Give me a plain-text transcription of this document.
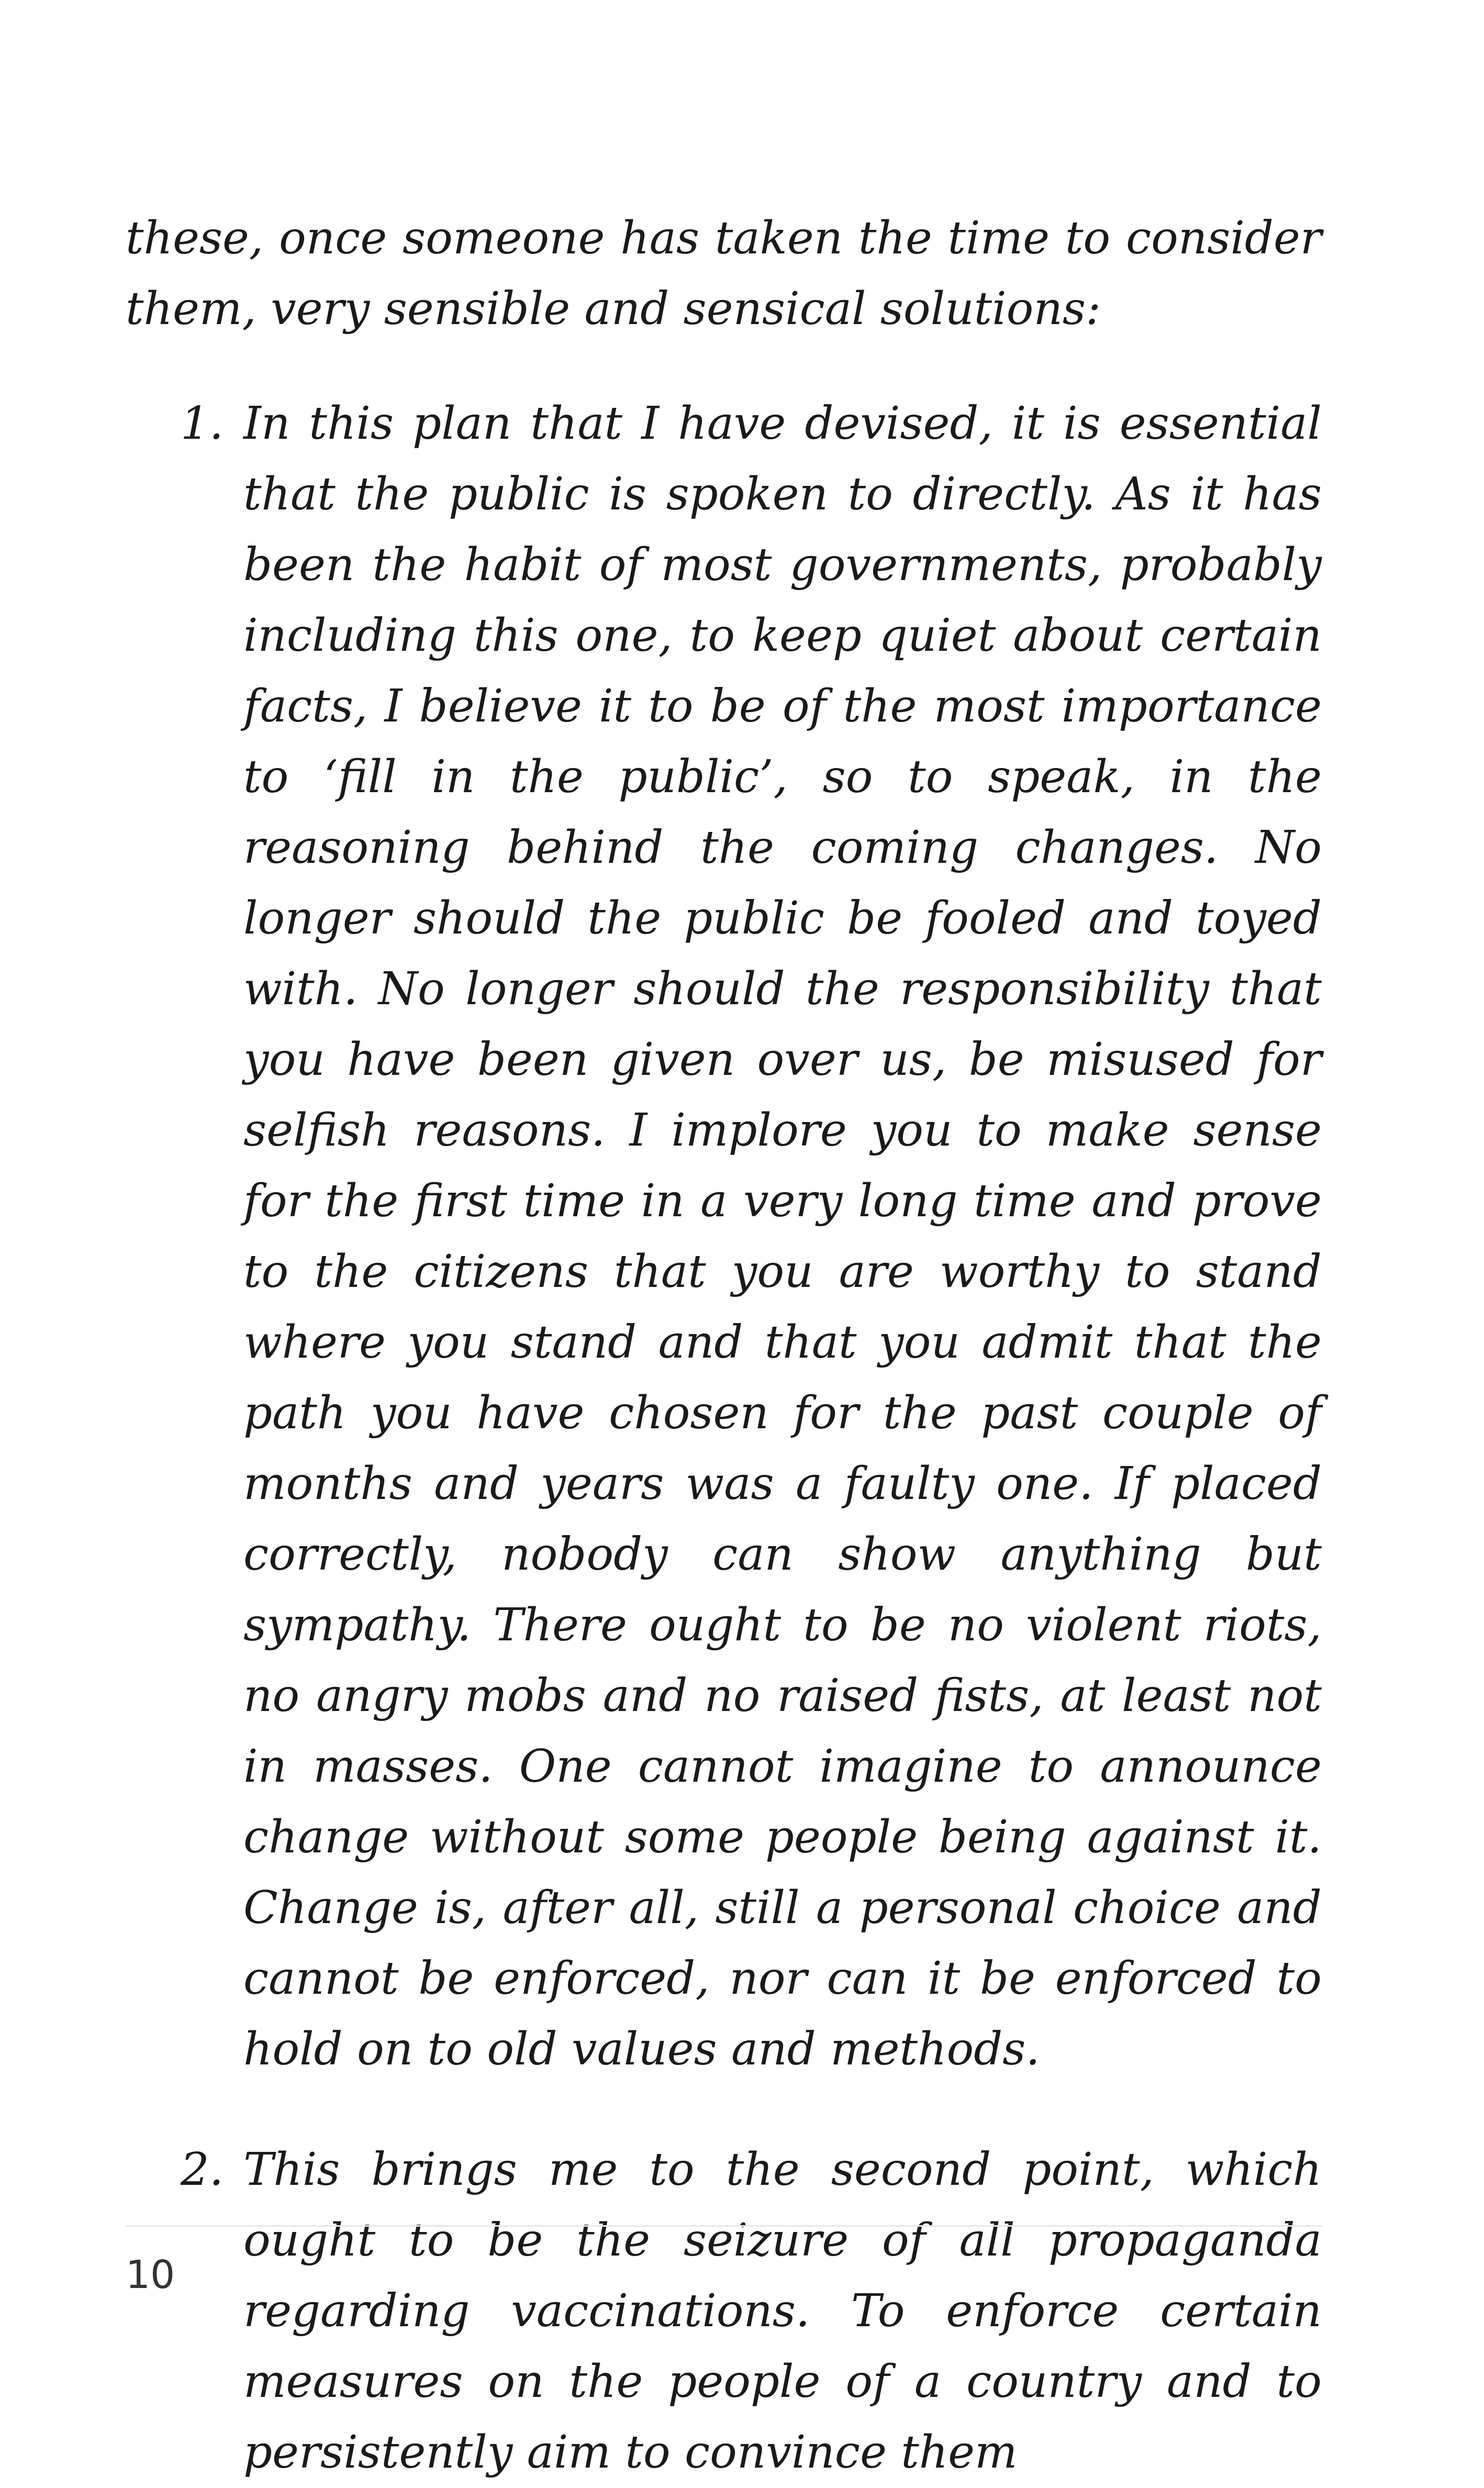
these, once someone has taken the time to consider them, very sensible and sensical solutions:

1. In this plan that I have devised, it is essential that the public is spoken to directly. As it has been the habit of most governments, probably including this one, to keep quiet about certain facts, I believe it to be of the most importance to ‘fill in the public’, so to speak, in the reasoning behind the coming changes. No longer should the public be fooled and toyed with. No longer should the responsibility that you have been given over us, be misused for selfish reasons. I implore you to make sense for the first time in a very long time and prove to the citizens that you are worthy to stand where you stand and that you admit that the path you have chosen for the past couple of months and years was a faulty one. If placed correctly, nobody can show anything but sympathy. There ought to be no violent riots, no angry mobs and no raised fists, at least not in masses. One cannot imagine to announce change without some people being against it. Change is, after all, still a personal choice and cannot be enforced, nor can it be enforced to hold on to old values and methods.
2. This brings me to the second point, which ought to be the seizure of all propaganda regarding vaccinations. To enforce certain measures on the people of a country and to persistently aim to convince them
10
